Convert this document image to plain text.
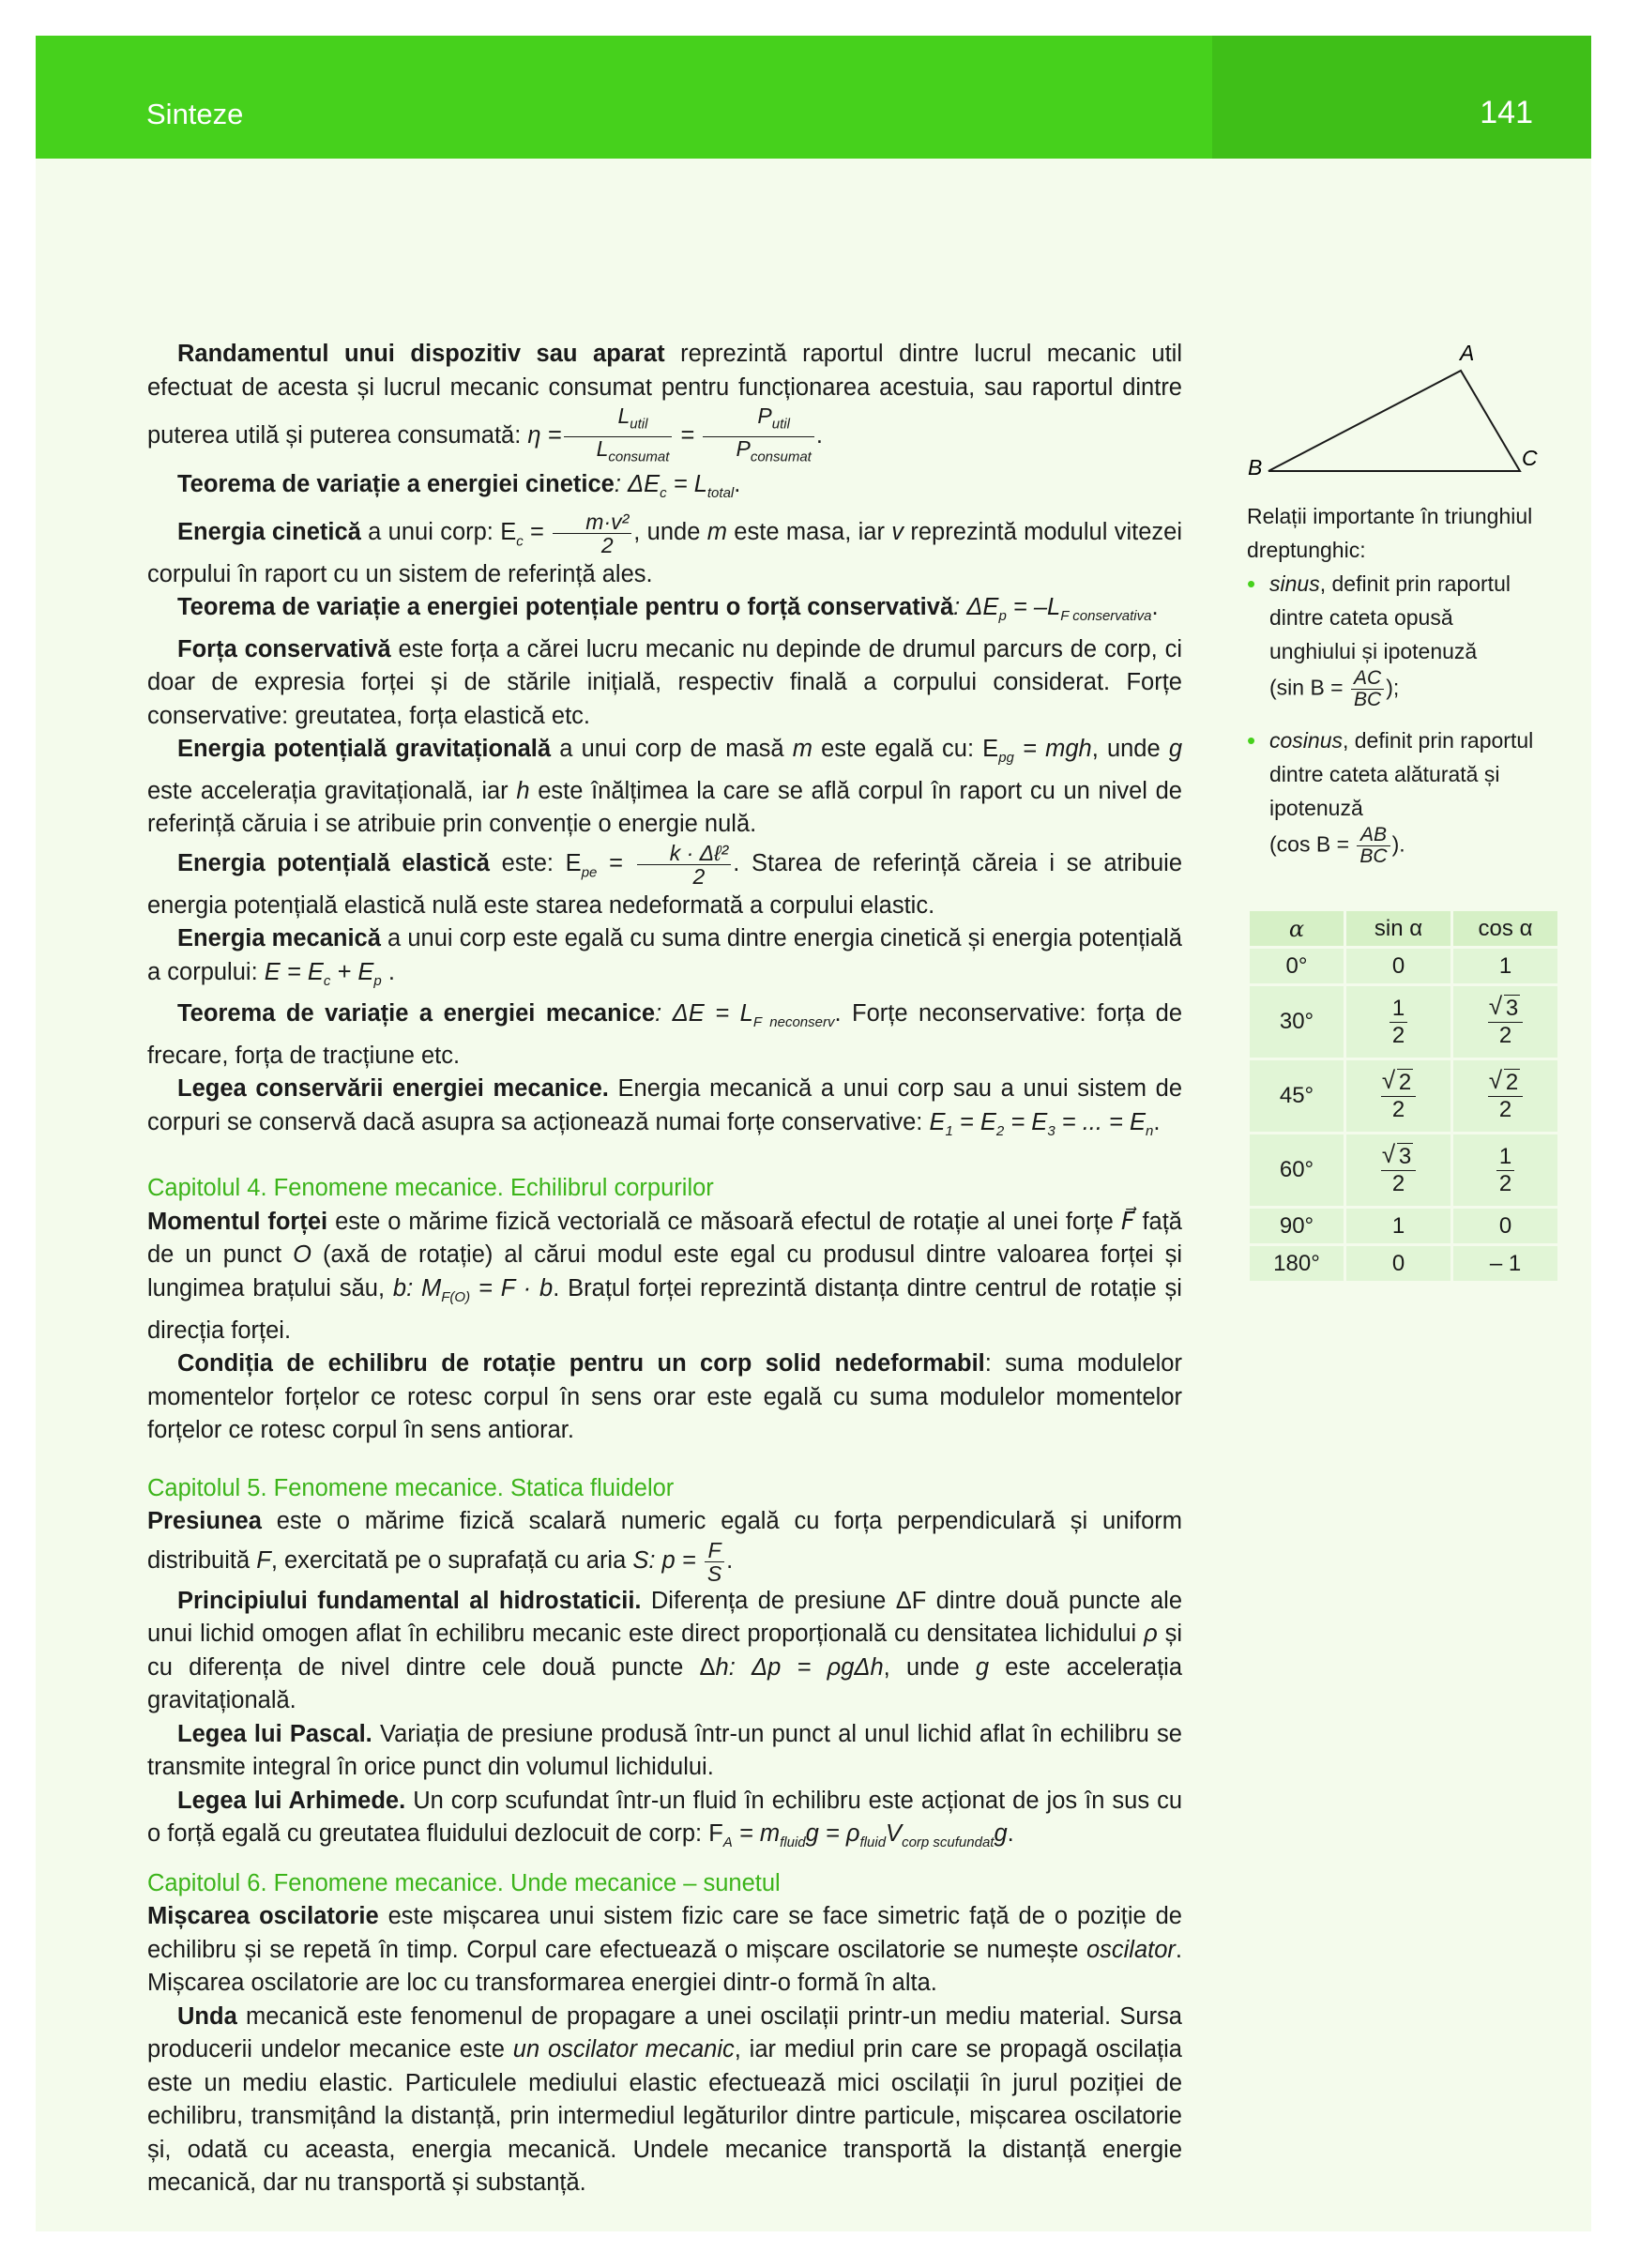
Sinteze	141

Randamentul unui dispozitiv sau aparat reprezintă raportul dintre lucrul mecanic util efectuat de acesta și lucrul mecanic consumat pentru funcționarea acestuia, sau raportul dintre puterea utilă și puterea consumată: $\eta = \frac{L_{util}}{L_{consumat}} = \frac{P_{util}}{P_{consumat}}$ .

Teorema de variație a energiei cinetice: $\Delta E_c = L_{total}$.

Energia cinetică a unui corp: $E_c = \frac{\text{m·v²}}{2}$ , unde m este masa, iar v reprezintă modulul vitezei corpului în raport cu un sistem de referință ales.

Teorema de variație a energiei potențiale pentru o forță conservativă: $\Delta E_p = -L_{F conservativa}$.

Forța conservativă este forța a cărei lucru mecanic nu depinde de drumul parcurs de corp, ci doar de expresia forței și de stările inițială, respectiv finală a corpului considerat. Forțe conservative: greutatea, forța elastică etc.

Energia potențială gravitațională a unui corp de masă m este egală cu: $E_{pg}$ = mgh, unde g este accelerația gravitațională, iar h este înălțimea la care se află corpul în raport cu un nivel de referință căruia i se atribuie prin convenție o energie nulă.

Energia potențială elastică este: $E_{pe} = \frac{\text{k · Δℓ²}}{2}$ . Starea de referință căreia i se atribuie energia potențială elastică nulă este starea nedeformată a corpului elastic.

Energia mecanică a unui corp este egală cu suma dintre energia cinetică și energia potențială a corpului: $E = E_c + E_p$ .

Teorema de variație a energiei mecanice: $\Delta E = L_{F neconserv}$. Forțe neconservative: forța de frecare, forța de tracțiune etc.

Legea conservării energiei mecanice. Energia mecanică a unui corp sau a unui sistem de corpuri se conservă dacă asupra sa acționează numai forțe conservative: $E_1 = E_2 = E_3$ = ... = $E_n$.

Capitolul 4. Fenomene mecanice. Echilibrul corpurilor

Momentul forței este o mărime fizică vectorială ce măsoară efectul de rotație al unei forțe F⃗ față de un punct O (axă de rotație) al cărui modul este egal cu produsul dintre valoarea forței și lungimea brațului său, b: $M_{F(O)} = F \cdot b$. Brațul forței reprezintă distanța dintre centrul de rotație și direcția forței.

Condiția de echilibru de rotație pentru un corp solid nedeformabil: suma modulelor momentelor forțelor ce rotesc corpul în sens orar este egală cu suma modulelor momentelor forțelor ce rotesc corpul în sens antiorar.

Capitolul 5. Fenomene mecanice. Statica fluidelor

Presiunea este o mărime fizică scalară numeric egală cu forța perpendiculară și uniform distribuită F, exercitată pe o suprafață cu aria S: $p = \frac{F}{S}$ .

Principiului fundamental al hidrostaticii. Diferența de presiune ΔF dintre două puncte ale unui lichid omogen aflat în echilibru mecanic este direct proporțională cu densitatea lichidului ρ și cu diferența de nivel dintre cele două puncte Δh: Δp = ρgΔh, unde g este accelerația gravitațională.

Legea lui Pascal. Variația de presiune produsă într-un punct al unul lichid aflat în echilibru se transmite integral în orice punct din volumul lichidului.

Legea lui Arhimede. Un corp scufundat într-un fluid în echilibru este acționat de jos în sus cu o forță egală cu greutatea fluidului dezlocuit de corp: $F_A = m_{fluid}g = \rho_{fluid}V_{corp scufundat}g$.

Capitolul 6. Fenomene mecanice. Unde mecanice – sunetul

Mișcarea oscilatorie este mișcarea unui sistem fizic care se face simetric față de o poziție de echilibru și se repetă în timp. Corpul care efectuează o mișcare oscilatorie se numește oscilator. Mișcarea oscilatorie are loc cu transformarea energiei dintr-o formă în alta.

Unda mecanică este fenomenul de propagare a unei oscilații printr-un mediu material. Sursa producerii undelor mecanice este un oscilator mecanic, iar mediul prin care se propagă oscilația este un mediu elastic. Particulele mediului elastic efectuează mici oscilații în jurul poziției de echilibru, transmițând la distanță, prin intermediul legăturilor dintre particule, mișcarea oscilatorie și, odată cu aceasta, energia mecanică. Undele mecanice transportă la distanță energie mecanică, dar nu transportă și substanță.

A
B	C

Relații importante în triunghiul dreptunghic:

• sinus, definit prin raportul dintre cateta opusă unghiului și ipotenuză
(sin $B = \frac{AC}{BC}$ );
• cosinus, definit prin raportul dintre cateta alăturată și ipotenuză
(cos $B = \frac{AB}{BC}$ ).
α	sin α	cos α
0°	0	1
30°	$\frac{1}{2}$	√ $\frac{3}{2}$

45°	√ $\frac{2}{2}$	√ $\frac{2}{2}$

60°	√ $\frac{3}{2}$	$\frac{1}{2}$

90°	1	0
180°	0	– 1
